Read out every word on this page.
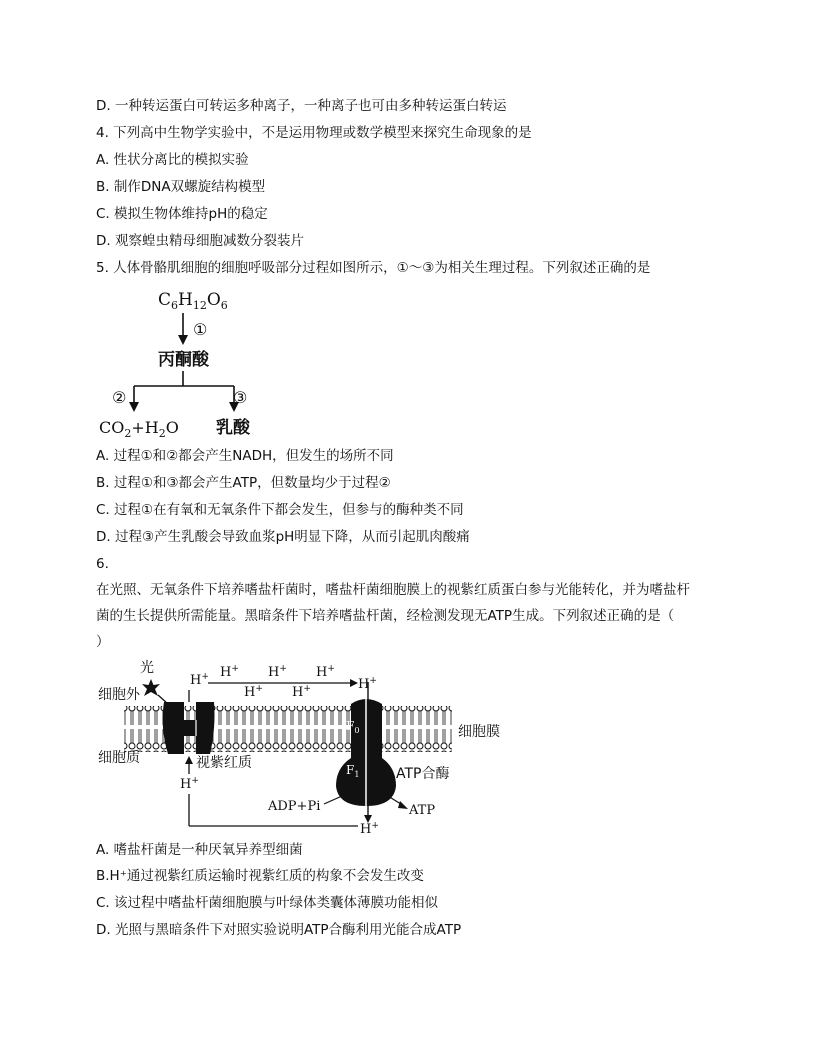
D. 一种转运蛋白可转运多种离子，一种离子也可由多种转运蛋白转运
4. 下列高中生物学实验中，不是运用物理或数学模型来探究生命现象的是
A. 性状分离比的模拟实验
B. 制作DNA双螺旋结构模型
C. 模拟生物体维持pH的稳定
D. 观察蝗虫精母细胞减数分裂装片
5. 人体骨骼肌细胞的细胞呼吸部分过程如图所示，①～③为相关生理过程。下列叙述正确的是
$C_6H_{12}O_6$
①
丙酮酸
②	③
$CO_2+H_2O$ 乳酸
A. 过程①和②都会产生NADH，但发生的场所不同
B. 过程①和③都会产生ATP，但数量均少于过程②
C. 过程①在有氧和无氧条件下都会发生，但参与的酶种类不同
D. 过程③产生乳酸会导致血浆pH明显下降，从而引起肌肉酸痛
6.
在光照、无氧条件下培养嗜盐杆菌时，嗜盐杆菌细胞膜上的视紫红质蛋白参与光能转化，并为嗜盐杆
菌的生长提供所需能量。黑暗条件下培养嗜盐杆菌，经检测发现无ATP生成。下列叙述正确的是（
）
光
细胞外
细胞质
细胞膜
视紫红质
ATP合酶
$F_0$
$F_1$
H+	H+
H+ H+ H+
H+ H+
H+
H+
ADP+Pi	ATP
A. 嗜盐杆菌是一种厌氧异养型细菌
B.H⁺通过视紫红质运输时视紫红质的构象不会发生改变
C. 该过程中嗜盐杆菌细胞膜与叶绿体类囊体薄膜功能相似
D. 光照与黑暗条件下对照实验说明ATP合酶利用光能合成ATP
